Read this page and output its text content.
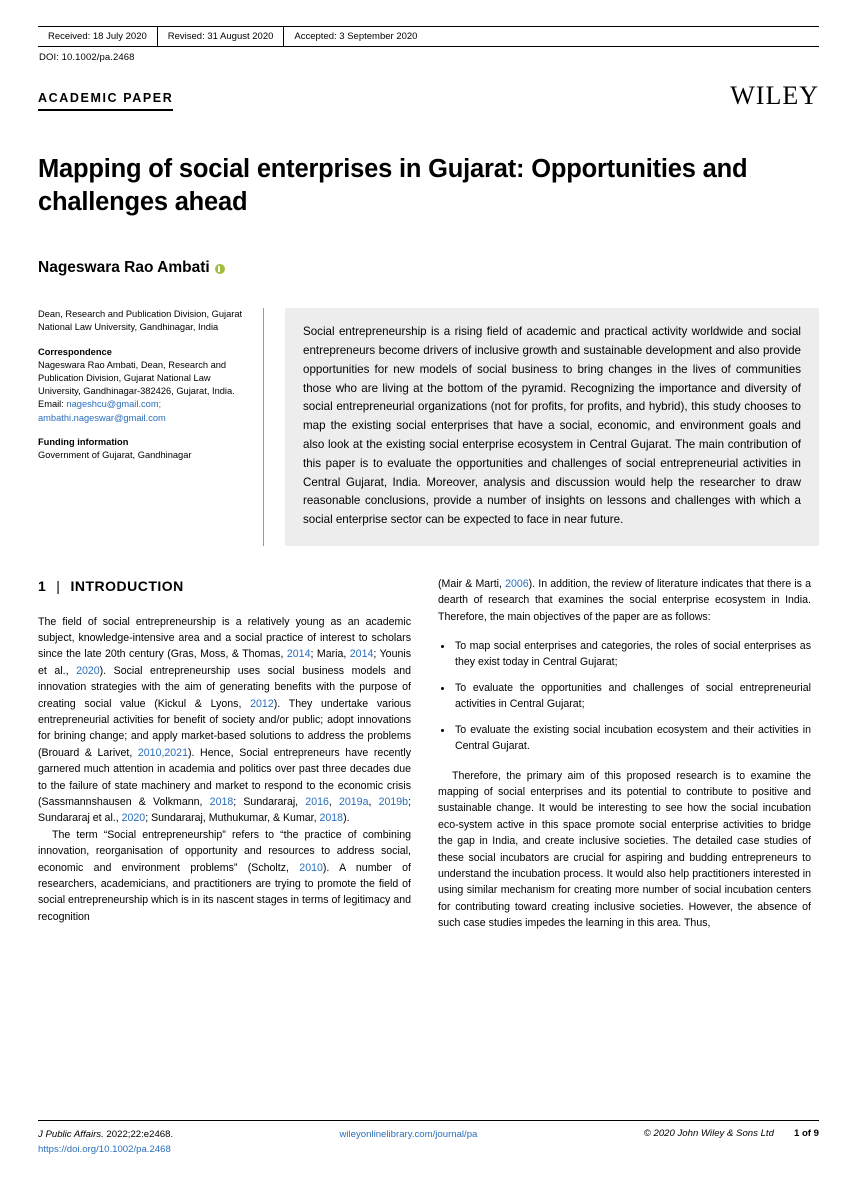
Received: 18 July 2020	Revised: 31 August 2020	Accepted: 3 September 2020
DOI: 10.1002/pa.2468
ACADEMIC PAPER	WILEY
Mapping of social enterprises in Gujarat: Opportunities and challenges ahead
Nageswara Rao Ambati

Dean, Research and Publication Division, Gujarat National Law University, Gandhinagar, India

Correspondence
Nageswara Rao Ambati, Dean, Research and Publication Division, Gujarat National Law University, Gandhinagar-382426, Gujarat, India.
Email: nageshcu@gmail.com; ambathi.nageswar@gmail.com

Funding information
Government of Gujarat, Gandhinagar

Social entrepreneurship is a rising field of academic and practical activity worldwide and social entrepreneurs become drivers of inclusive growth and sustainable development and also provide opportunities for new models of social business to bring changes in the lives of communities those who are living at the bottom of the pyramid. Recognizing the importance and diversity of social entrepreneurial organizations (not for profits, for profits, and hybrid), this study chooses to map the existing social enterprises that have a social, economic, and environment goals and also look at the existing social enterprise ecosystem in Central Gujarat. The main contribution of this paper is to evaluate the opportunities and challenges of social entrepreneurial activities in Central Gujarat, India. Moreover, analysis and discussion would help the researcher to draw reasonable conclusions, provide a number of insights on lessons and challenges with which a social enterprise sector can be expected to face in near future.
1 | INTRODUCTION

The field of social entrepreneurship is a relatively young as an academic subject, knowledge-intensive area and a social practice of interest to scholars since the late 20th century (Gras, Moss, & Thomas, 2014; Maria, 2014; Younis et al., 2020). Social entrepreneurship uses social business models and innovation strategies with the aim of generating benefits with the purpose of creating social value (Kickul & Lyons, 2012). They undertake various entrepreneurial activities for benefit of society and/or public; adopt innovations for brining change; and apply market-based solutions to address the problems (Brouard & Larivet, 2010,2021). Hence, Social entrepreneurs have recently garnered much attention in academia and politics over past three decades due to the failure of state machinery and market to respond to the economic crisis (Sassmannshausen & Volkmann, 2018; Sundararaj, 2016, 2019a, 2019b; Sundararaj et al., 2020; Sundararaj, Muthukumar, & Kumar, 2018).

The term “Social entrepreneurship” refers to “the practice of combining innovation, reorganisation of opportunity and resources to address social, economic and environment problems” (Scholtz, 2010). A number of researchers, academicians, and practitioners are trying to promote the field of social entrepreneurship which is in its nascent stages in terms of legitimacy and recognition

(Mair & Marti, 2006). In addition, the review of literature indicates that there is a dearth of research that examines the social enterprise ecosystem in India. Therefore, the main objectives of the paper are as follows:

• To map social enterprises and categories, the roles of social enterprises as they exist today in Central Gujarat;
• To evaluate the opportunities and challenges of social entrepreneurial activities in Central Gujarat;
• To evaluate the existing social incubation ecosystem and their activities in Central Gujarat.

Therefore, the primary aim of this proposed research is to examine the mapping of social enterprises and its potential to contribute to positive and sustainable change. It would be interesting to see how the social incubation eco-system active in this space promote social enterprise activities to bridge the gap in India, and create inclusive societies. The detailed case studies of these social incubators are crucial for aspiring and budding entrepreneurs to understand the incubation process. It would also help practitioners interested in using similar mechanism for creating more number of social incubation centers for contributing toward creating inclusive societies. However, the absence of such case studies impedes the learning in this area. Thus,

J Public Affairs. 2022;22:e2468.
https://doi.org/10.1002/pa.2468
wileyonlinelibrary.com/journal/pa	© 2020 John Wiley & Sons Ltd 1 of 9
